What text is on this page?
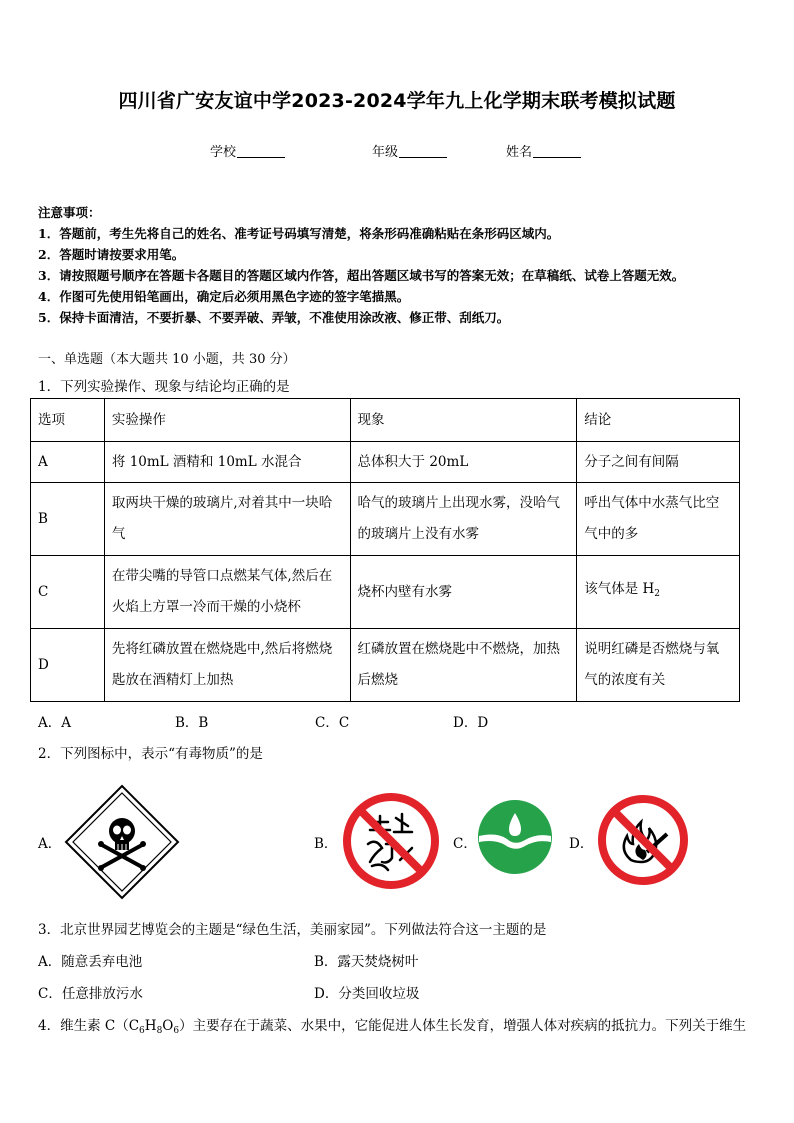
四川省广安友谊中学2023-2024学年九上化学期末联考模拟试题
学校	年级	姓名
注意事项：
1．答题前，考生先将自己的姓名、准考证号码填写清楚，将条形码准确粘贴在条形码区域内。
2．答题时请按要求用笔。
3．请按照题号顺序在答题卡各题目的答题区域内作答，超出答题区域书写的答案无效；在草稿纸、试卷上答题无效。
4．作图可先使用铅笔画出，确定后必须用黑色字迹的签字笔描黑。
5．保持卡面清洁，不要折暴、不要弄破、弄皱，不准使用涂改液、修正带、刮纸刀。
一、单选题（本大题共 10 小题，共 30 分）
1．下列实验操作、现象与结论均正确的是
选项	实验操作	现象	结论
A	将 10mL 酒精和 10mL 水混合	总体积大于 20mL	分子之间有间隔
B	取两块干燥的玻璃片,对着其中一块哈气	哈气的玻璃片上出现水雾，没哈气的玻璃片上没有水雾	呼出气体中水蒸气比空气中的多
C	在带尖嘴的导管口点燃某气体,然后在火焰上方罩一冷而干燥的小烧杯	烧杯内壁有水雾	该气体是 $H_2$
D	先将红磷放置在燃烧匙中,然后将燃烧匙放在酒精灯上加热	红磷放置在燃烧匙中不燃烧，加热后燃烧	说明红磷是否燃烧与氧气的浓度有关
A．A	B．B	C．C	D．D
2．下列图标中，表示“有毒物质”的是
A．	B．	C．	D．
3．北京世界园艺博览会的主题是“绿色生活，美丽家园”。下列做法符合这一主题的是
A．随意丢弃电池	B．露天焚烧树叶
C．任意排放污水	D．分类回收垃圾
4．维生素 $C(C_6H_8O_6)$主要存在于蔬菜、水果中，它能促进人体生长发育，增强人体对疾病的抵抗力。下列关于维生
